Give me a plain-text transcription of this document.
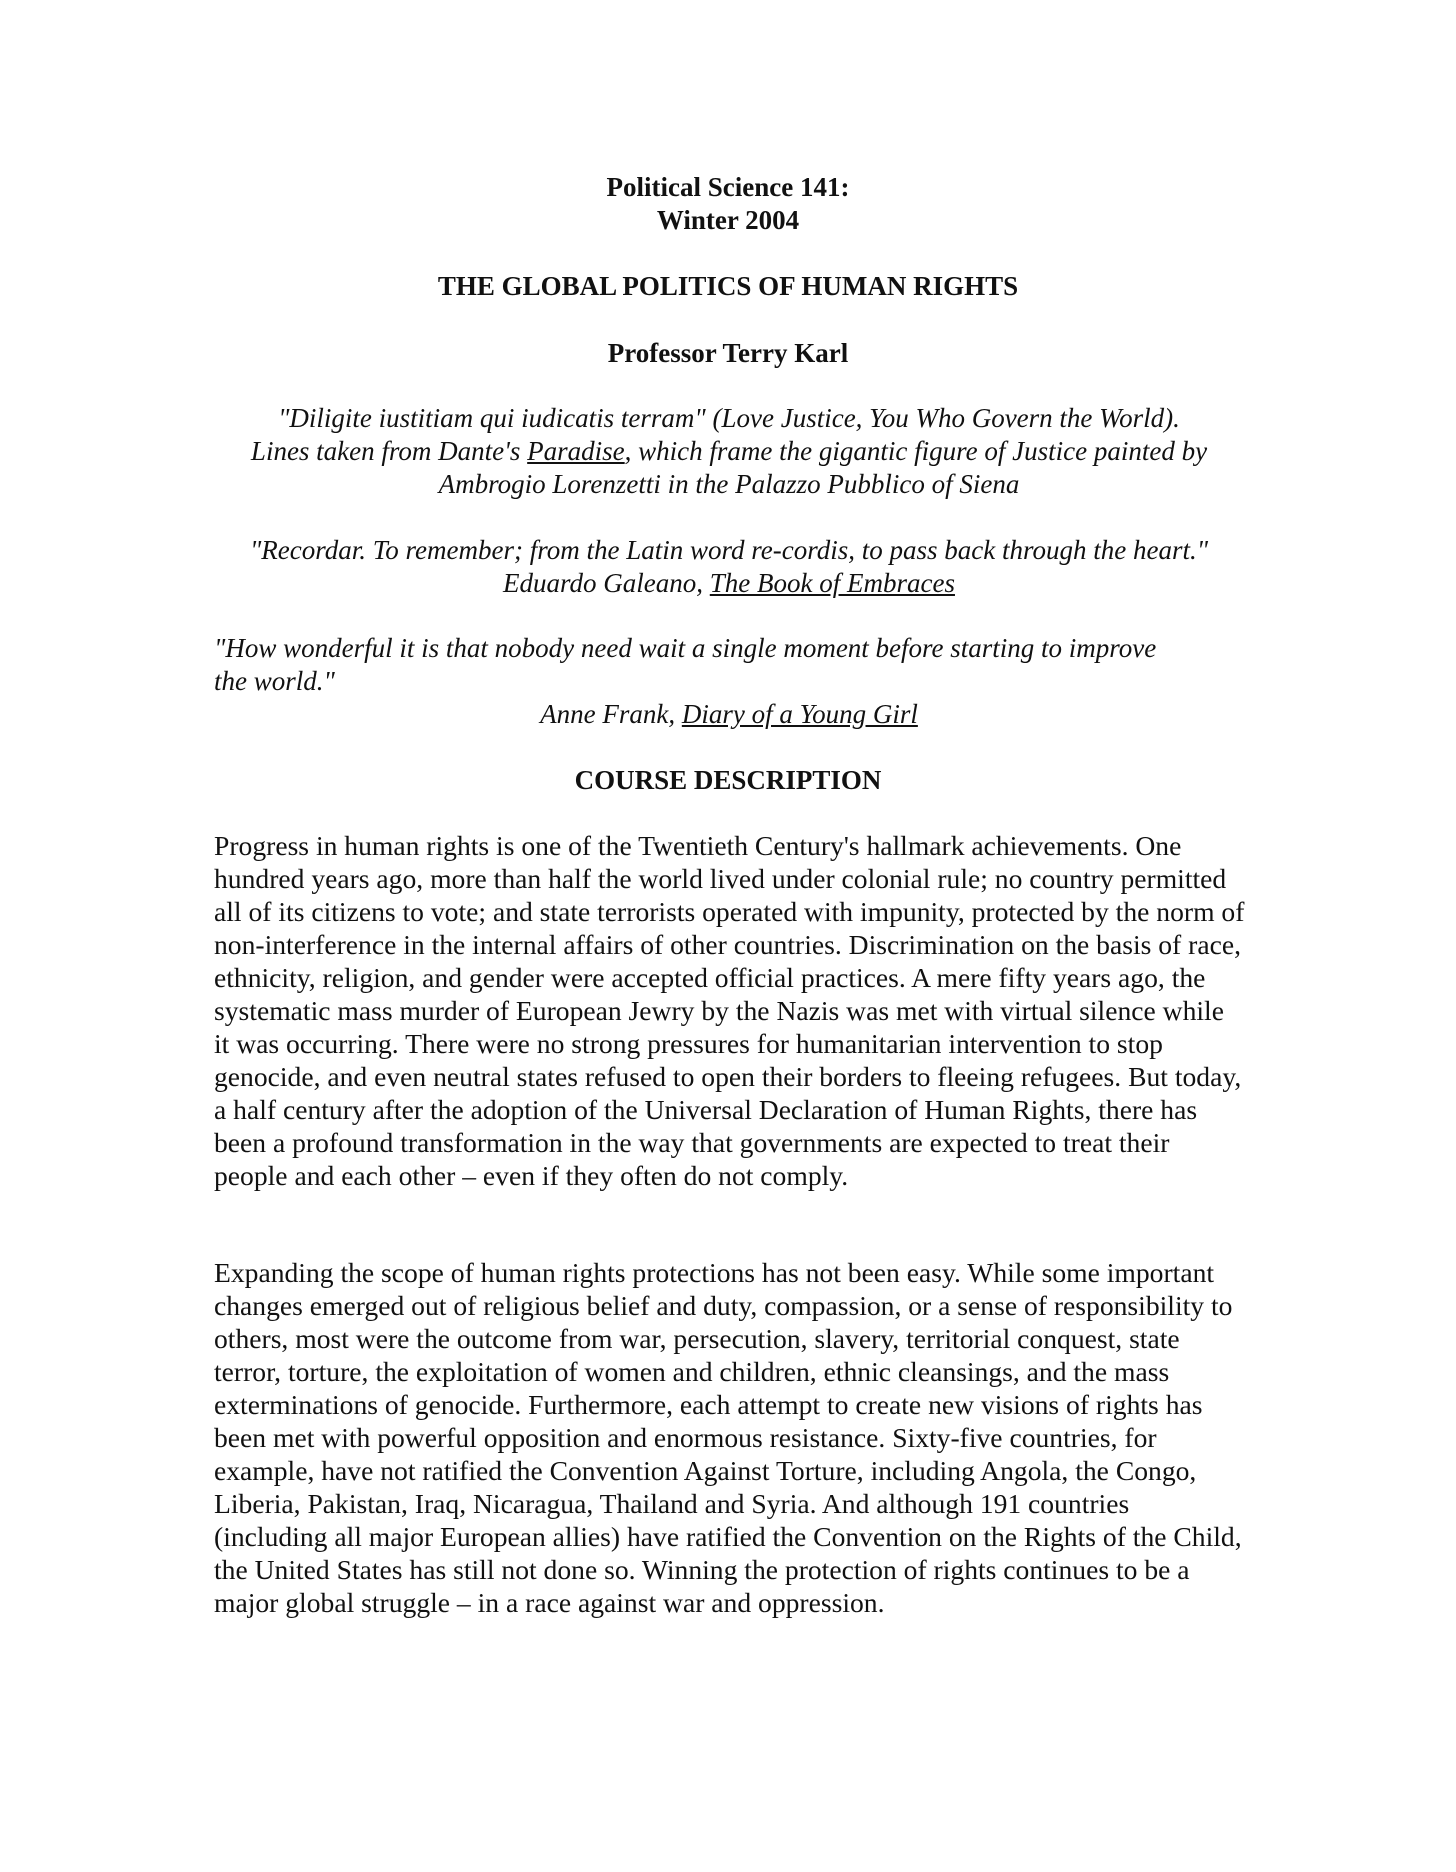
Political Science 141:

Winter 2004

THE GLOBAL POLITICS OF HUMAN RIGHTS

Professor Terry Karl

"Diligite iustitiam qui iudicatis terram" (Love Justice, You Who Govern the World).
Lines taken from Dante's Paradise, which frame the gigantic figure of Justice painted by
Ambrogio Lorenzetti in the Palazzo Pubblico of Siena
"Recordar. To remember; from the Latin word re-cordis, to pass back through the heart."
Eduardo Galeano, The Book of Embraces
"How wonderful it is that nobody need wait a single moment before starting to improve
the world."
Anne Frank, Diary of a Young Girl

COURSE DESCRIPTION

Progress in human rights is one of the Twentieth Century's hallmark achievements. One hundred years ago, more than half the world lived under colonial rule; no country permitted all of its citizens to vote; and state terrorists operated with impunity, protected by the norm of non-interference in the internal affairs of other countries. Discrimination on the basis of race, ethnicity, religion, and gender were accepted official practices. A mere fifty years ago, the systematic mass murder of European Jewry by the Nazis was met with virtual silence while it was occurring. There were no strong pressures for humanitarian intervention to stop genocide, and even neutral states refused to open their borders to fleeing refugees. But today, a half century after the adoption of the Universal Declaration of Human Rights, there has been a profound transformation in the way that governments are expected to treat their people and each other – even if they often do not comply.

Expanding the scope of human rights protections has not been easy. While some important changes emerged out of religious belief and duty, compassion, or a sense of responsibility to others, most were the outcome from war, persecution, slavery, territorial conquest, state terror, torture, the exploitation of women and children, ethnic cleansings, and the mass exterminations of genocide. Furthermore, each attempt to create new visions of rights has been met with powerful opposition and enormous resistance. Sixty-five countries, for example, have not ratified the Convention Against Torture, including Angola, the Congo, Liberia, Pakistan, Iraq, Nicaragua, Thailand and Syria. And although 191 countries (including all major European allies) have ratified the Convention on the Rights of the Child, the United States has still not done so. Winning the protection of rights continues to be a major global struggle – in a race against war and oppression.
